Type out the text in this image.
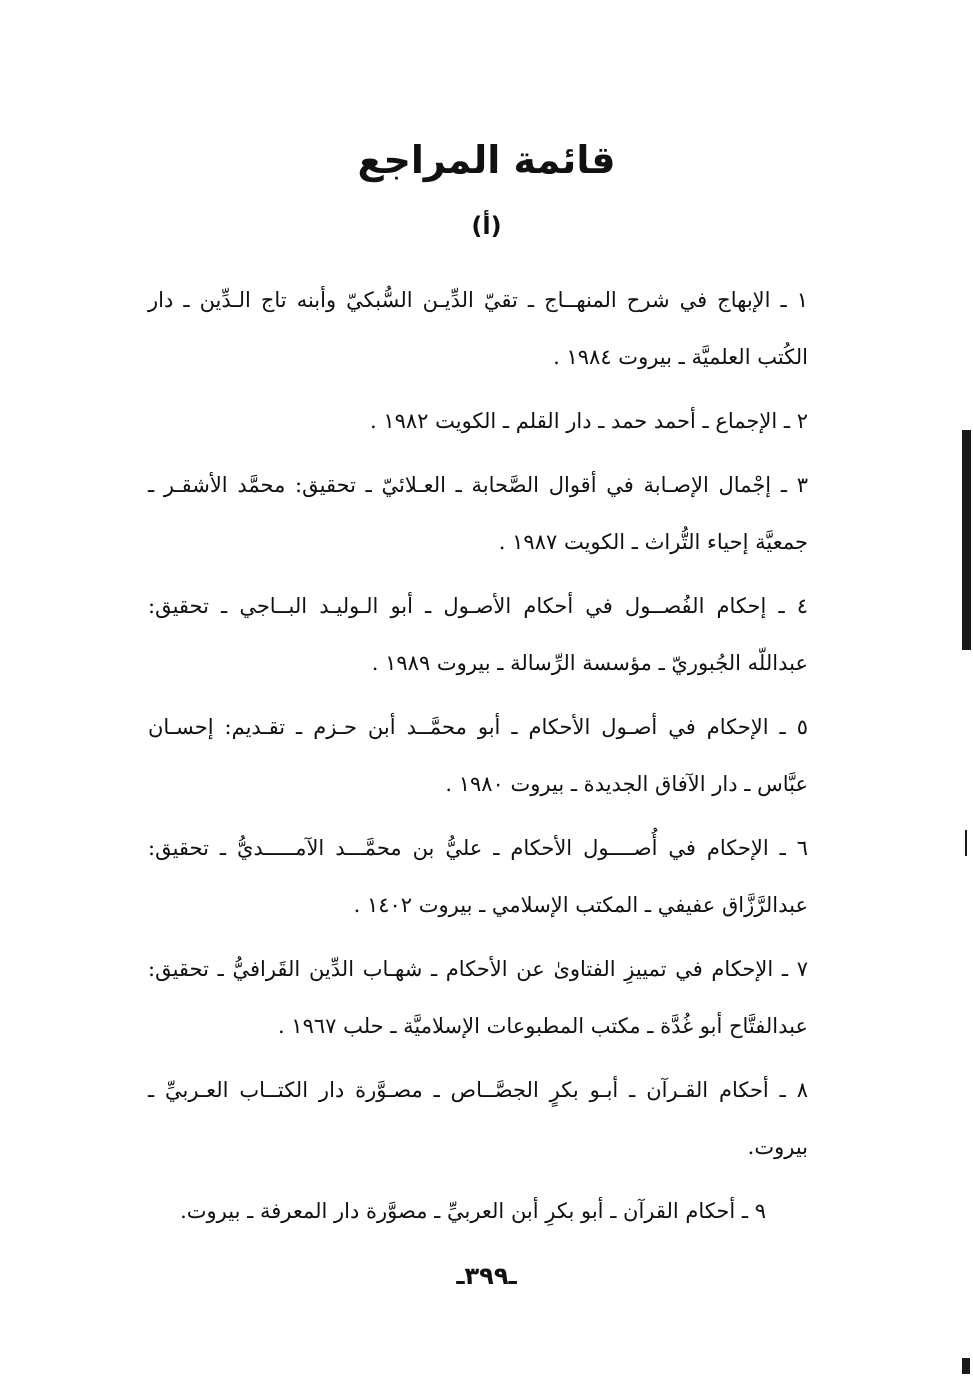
قائمة المراجع
(أ)

١ ـ الإبهاج في شرح المنهــاج ـ تقيّ الدِّيـن السُّبكيّ وأبنه تاج الـدِّين ـ دار الكُتب العلميَّة ـ بيروت ١٩٨٤ .

٢ ـ الإجماع ـ أحمد حمد ـ دار القلم ـ الكويت ١٩٨٢ .

٣ ـ إجْمال الإصـابة في أقوال الصَّحابة ـ العـلائيّ ـ تحقيق: محمَّد الأشقـر ـ جمعيَّة إحياء التُّراث ـ الكويت ١٩٨٧ .

٤ ـ إحكام الفُصــول في أحكام الأصـول ـ أبو الـوليـد البــاجي ـ تحقيق: عبداللّه الجُبوريّ ـ مؤسسة الرِّسالة ـ بيروت ١٩٨٩ .

٥ ـ الإحكام في أصـول الأحكام ـ أبو محمَّــد أبن حـزم ـ تقـديم: إحسـان عبَّاس ـ دار الآفاق الجديدة ـ بيروت ١٩٨٠ .

٦ ـ الإحكام في أُصــــول الأحكام ـ عليُّ بن محمَّـــد الآمـــــديُّ ـ تحقيق: عبدالرَّزَّاق عفيفي ـ المكتب الإسلامي ـ بيروت ١٤٠٢ .

٧ ـ الإحكام في تمييزِ الفتاوىٰ عن الأحكام ـ شهـاب الدِّين القَرافيُّ ـ تحقيق: عبدالفتَّاح أبو غُدَّة ـ مكتب المطبوعات الإسلاميَّة ـ حلب ١٩٦٧ .

٨ ـ أحكام القـرآن ـ أبـو بكرٍ الجصَّــاص ـ مصـوَّرة دار الكتــاب العـربيِّ ـ بيروت.

٩ ـ أحكام القرآن ـ أبو بكرِ أبن العربيِّ ـ مصوَّرة دار المعرفة ـ بيروت.

ـ٣٩٩ـ
